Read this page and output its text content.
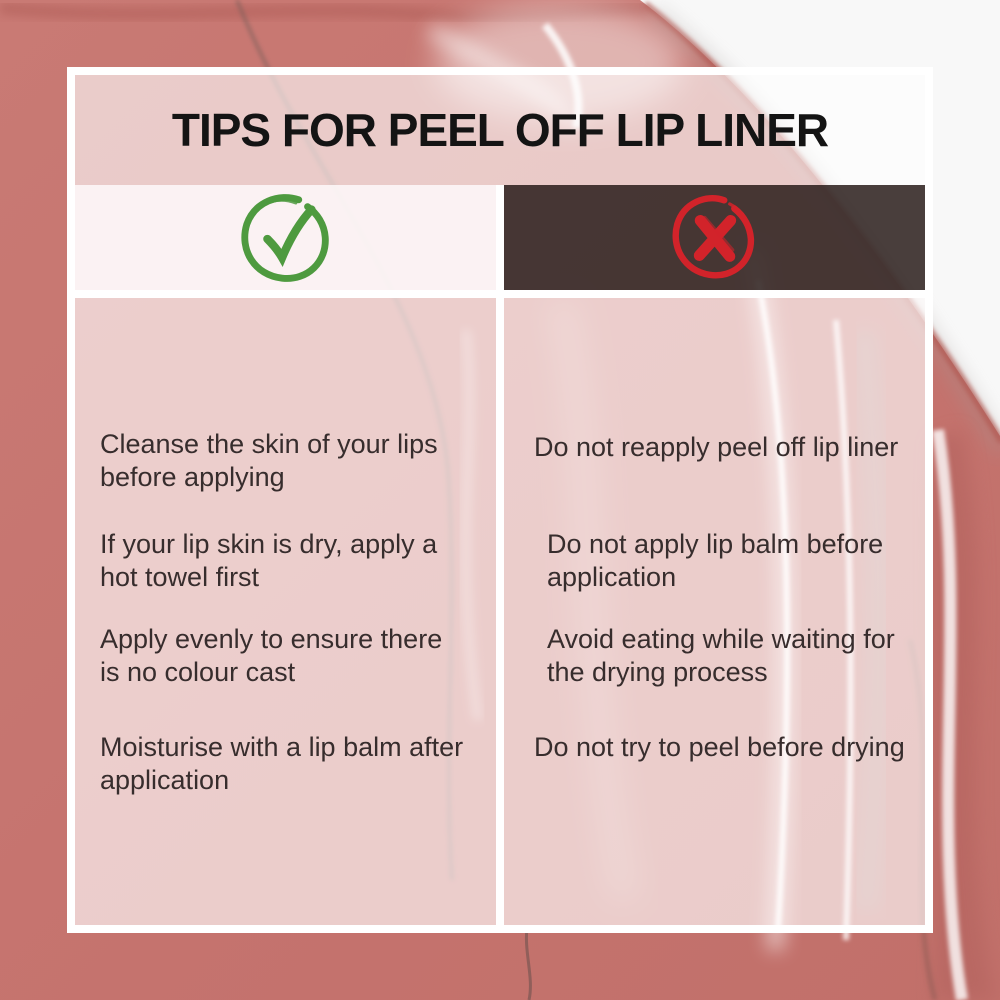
TIPS FOR PEEL OFF LIP LINER

Cleanse the skin of your lips before applying

If your lip skin is dry, apply a hot towel first

Apply evenly to ensure there is no colour cast

Moisturise with a lip balm after application

Do not reapply peel off lip liner

Do not apply lip balm before application

Avoid eating while waiting for the drying process

Do not try to peel before drying
